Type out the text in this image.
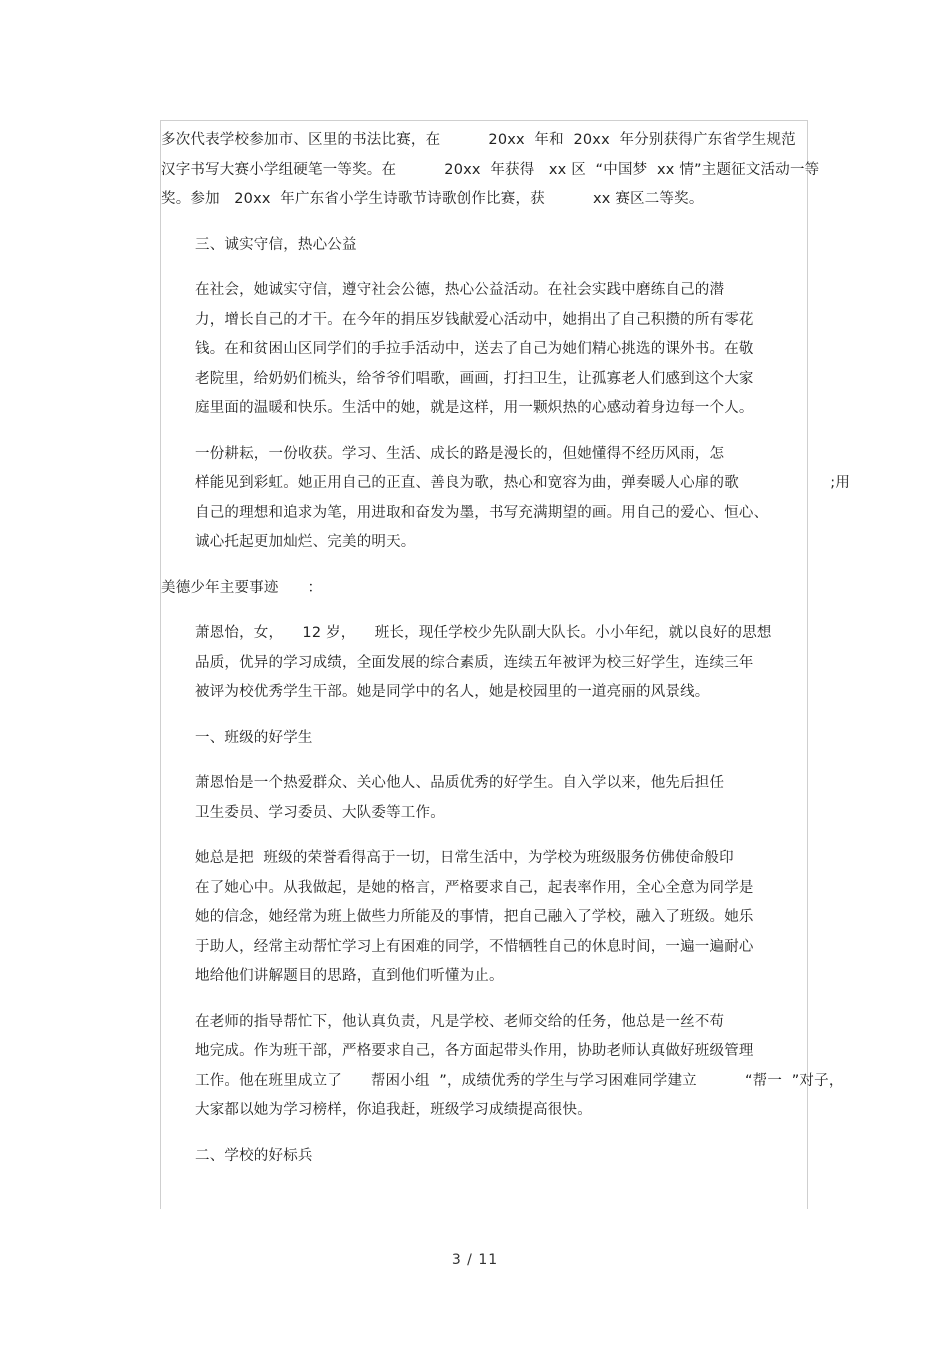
多次代表学校参加市、区里的书法比赛，在          20xx  年和  20xx  年分别获得广东省学生规范
汉字书写大赛小学组硬笔一等奖。在          20xx  年获得   xx 区  “中国梦  xx 情”主题征文活动一等
奖。参加   20xx  年广东省小学生诗歌节诗歌创作比赛，获          xx 赛区二等奖。
三、诚实守信，热心公益
在社会，她诚实守信，遵守社会公德，热心公益活动。在社会实践中磨练自己的潜
力，增长自己的才干。在今年的捐压岁钱献爱心活动中，她捐出了自己积攒的所有零花
钱。在和贫困山区同学们的手拉手活动中，送去了自己为她们精心挑选的课外书。在敬
老院里，给奶奶们梳头，给爷爷们唱歌，画画，打扫卫生，让孤寡老人们感到这个大家
庭里面的温暖和快乐。生活中的她，就是这样，用一颗炽热的心感动着身边每一个人。
一份耕耘，一份收获。学习、生活、成长的路是漫长的，但她懂得不经历风雨，怎
样能见到彩虹。她正用自己的正直、善良为歌，热心和宽容为曲，弹奏暖人心扉的歌                   ;用
自己的理想和追求为笔，用进取和奋发为墨，书写充满期望的画。用自己的爱心、恒心、
诚心托起更加灿烂、完美的明天。
美德少年主要事迹      ：
萧恩怡，女，    12 岁，    班长，现任学校少先队副大队长。小小年纪，就以良好的思想
品质，优异的学习成绩，全面发展的综合素质，连续五年被评为校三好学生，连续三年
被评为校优秀学生干部。她是同学中的名人，她是校园里的一道亮丽的风景线。
一、班级的好学生
萧恩怡是一个热爱群众、关心他人、品质优秀的好学生。自入学以来，他先后担任
卫生委员、学习委员、大队委等工作。
她总是把  班级的荣誉看得高于一切，日常生活中，为学校为班级服务仿佛使命般印
在了她心中。从我做起，是她的格言，严格要求自己，起表率作用，全心全意为同学是
她的信念，她经常为班上做些力所能及的事情，把自己融入了学校，融入了班级。她乐
于助人，经常主动帮忙学习上有困难的同学，不惜牺牲自己的休息时间，一遍一遍耐心
地给他们讲解题目的思路，直到他们听懂为止。
在老师的指导帮忙下，他认真负责，凡是学校、老师交给的任务，他总是一丝不苟
地完成。作为班干部，严格要求自己，各方面起带头作用，协助老师认真做好班级管理
工作。他在班里成立了      帮困小组  ”，成绩优秀的学生与学习困难同学建立          “帮一  ”对子，
大家都以她为学习榜样，你追我赶，班级学习成绩提高很快。
二、学校的好标兵
3 / 11
